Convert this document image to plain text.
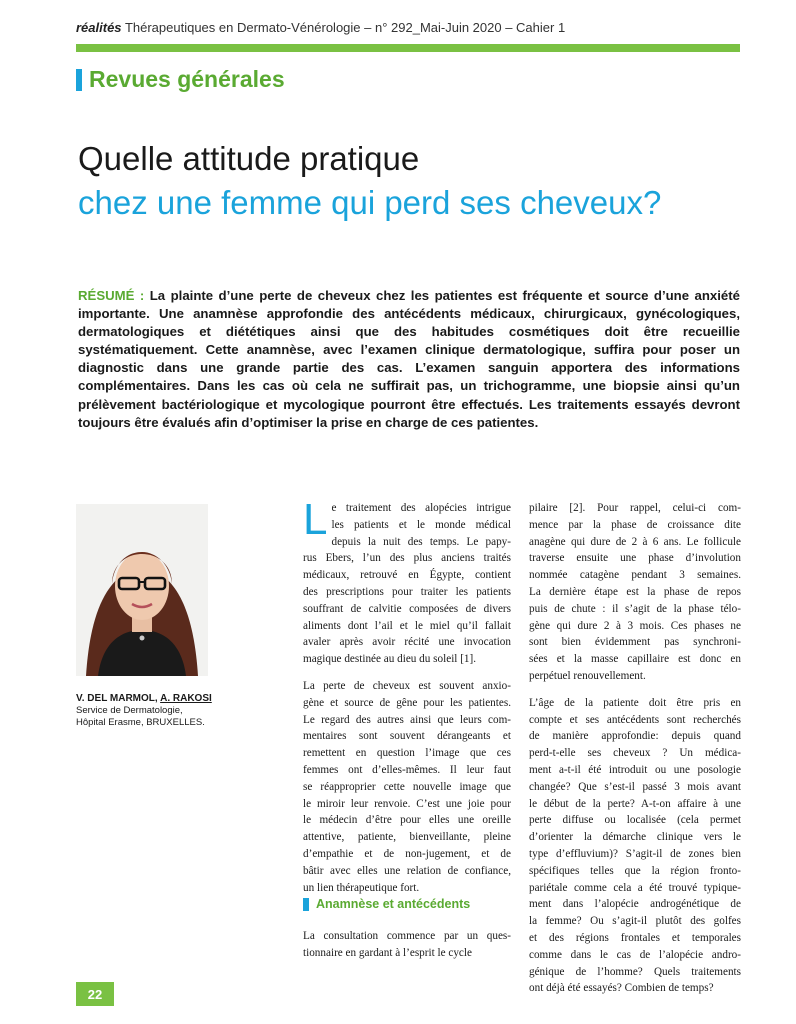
réalités Thérapeutiques en Dermato-Vénérologie – n° 292_Mai-Juin 2020 – Cahier 1
Revues générales
Quelle attitude pratique
chez une femme qui perd ses cheveux?
RÉSUMÉ : La plainte d’une perte de cheveux chez les patientes est fréquente et source d’une anxiété importante. Une anamnèse approfondie des antécédents médicaux, chirurgicaux, gynécologiques, dermatologiques et diététiques ainsi que des habitudes cosmétiques doit être recueillie systématiquement. Cette anamnèse, avec l’examen clinique dermatologique, suffira pour poser un diagnostic dans une grande partie des cas. L’examen sanguin apportera des informations complémentaires. Dans les cas où cela ne suffirait pas, un trichogramme, une biopsie ainsi qu’un prélèvement bactériologique et mycologique pourront être effectués. Les traitements essayés devront toujours être évalués afin d’optimiser la prise en charge de ces patientes.
V. DEL MARMOL, A. RAKOSI
Service de Dermatologie,
Hôpital Erasme, BRUXELLES.

L e traitement des alopécies intrigue
les patients et le monde médical
depuis la nuit des temps. Le papy-
rus Ebers, l’un des plus anciens traités
médicaux, retrouvé en Égypte, contient
des prescriptions pour traiter les patients
souffrant de calvitie composées de divers
aliments dont l’ail et le miel qu’il fallait
avaler après avoir récité une invocation
magique destinée au dieu du soleil [1].

La perte de cheveux est souvent anxio-
gène et source de gêne pour les patientes.
Le regard des autres ainsi que leurs com-
mentaires sont souvent dérangeants et
remettent en question l’image que ces
femmes ont d’elles-mêmes. Il leur faut
se réapproprier cette nouvelle image que
le miroir leur renvoie. C’est une joie pour
le médecin d’être pour elles une oreille
attentive, patiente, bienveillante, pleine
d’empathie et de non-jugement, et de
bâtir avec elles une relation de confiance,
un lien thérapeutique fort.

Anamnèse et antécédents

La consultation commence par un ques-
tionnaire en gardant à l’esprit le cycle

pilaire [2]. Pour rappel, celui-ci com-
mence par la phase de croissance dite
anagène qui dure de 2 à 6 ans. Le follicule
traverse ensuite une phase d’involution
nommée catagène pendant 3 semaines.
La dernière étape est la phase de repos
puis de chute : il s’agit de la phase télo-
gène qui dure 2 à 3 mois. Ces phases ne
sont bien évidemment pas synchroni-
sées et la masse capillaire est donc en
perpétuel renouvellement.

L’âge de la patiente doit être pris en
compte et ses antécédents sont recherchés
de manière approfondie: depuis quand
perd-t-elle ses cheveux ? Un médica-
ment a-t-il été introduit ou une posologie
changée? Que s’est-il passé 3 mois avant
le début de la perte? A-t-on affaire à une
perte diffuse ou localisée (cela permet
d’orienter la démarche clinique vers le
type d’effluvium)? S’agit-il de zones bien
spécifiques telles que la région fronto-
pariétale comme cela a été trouvé typique-
ment dans l’alopécie androgénétique de
la femme? Ou s’agit-il plutôt des golfes
et des régions frontales et temporales
comme dans le cas de l’alopécie andro-
génique de l’homme? Quels traitements
ont déjà été essayés? Combien de temps?

22
